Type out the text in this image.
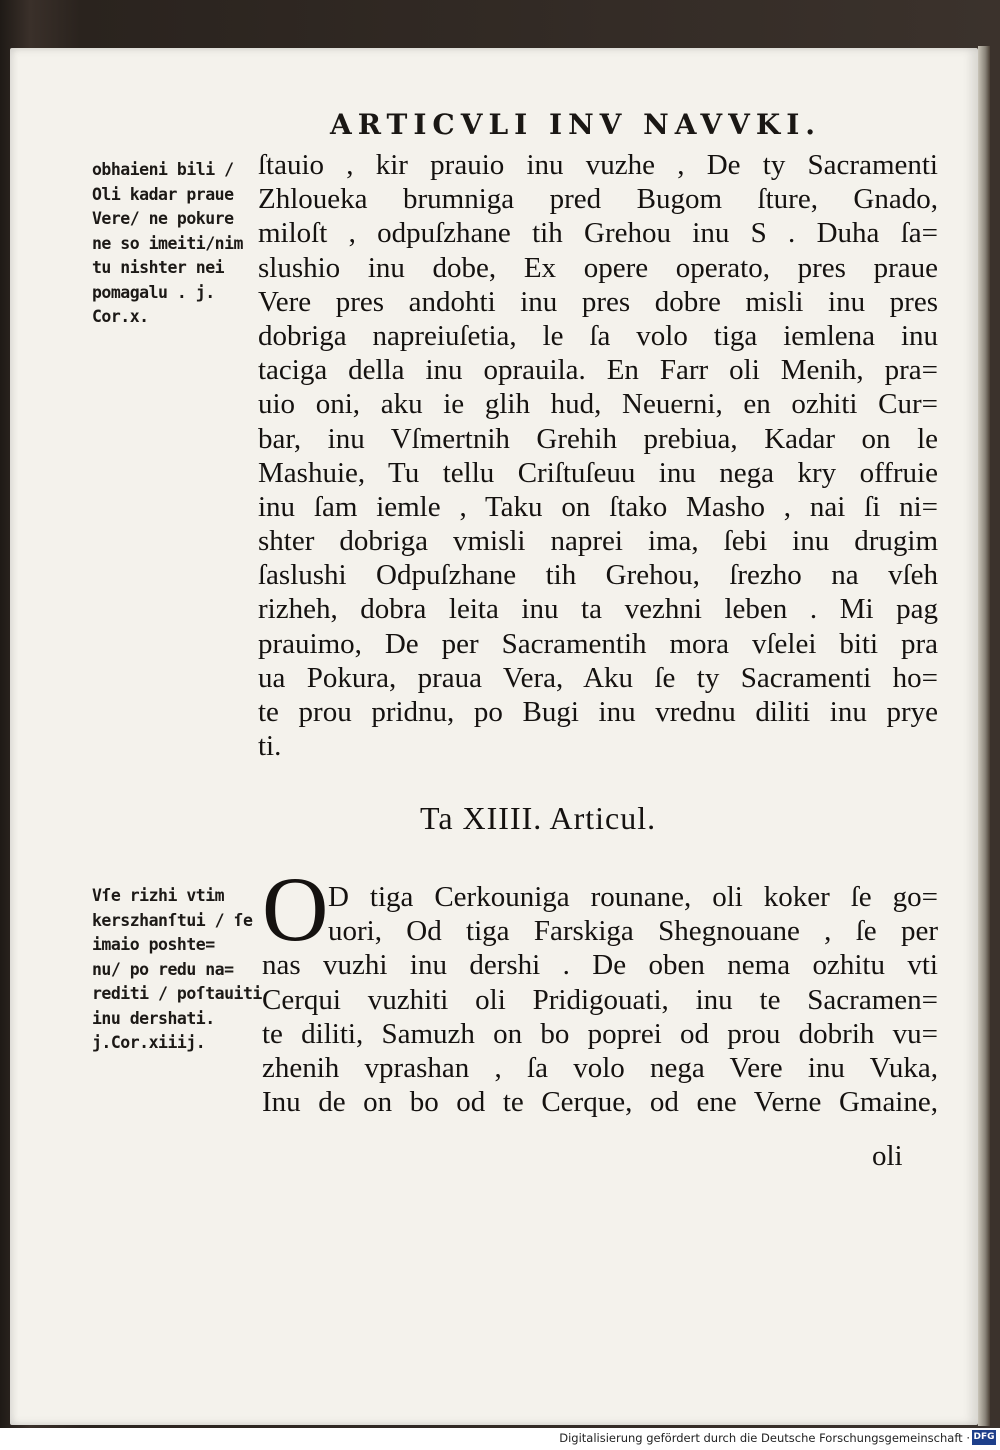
ARTICVLI INV NAVVKI.
obhaieni bili /
Oli kadar praue
Vere/ ne pokure
ne so imeiti/nim
tu nishter nei
pomagalu . j.
Cor.x.
ſtauio , kir prauio inu vuzhe , De ty Sacramenti
Zhloueka brumniga pred Bugom ſture, Gnado,
miloſt , odpuſzhane tih Grehou inu S . Duha ſa=
slushio inu dobe, Ex opere operato, pres praue
Vere pres andohti inu pres dobre misli inu pres
dobriga napreiuſetia, le ſa volo tiga iemlena inu
taciga della inu oprauila. En Farr oli Menih, pra=
uio oni, aku ie glih hud, Neuerni, en ozhiti Cur=
bar, inu Vſmertnih Grehih prebiua, Kadar on le
Mashuie, Tu tellu Criſtuſeuu inu nega kry offruie
inu ſam iemle , Taku on ſtako Masho , nai ſi ni=
shter dobriga vmisli naprei ima, ſebi inu drugim
ſaslushi Odpuſzhane tih Grehou, ſrezho na vſeh
rizheh, dobra leita inu ta vezhni leben . Mi pag
prauimo, De per Sacramentih mora vſelei biti pra
ua Pokura, praua Vera, Aku ſe ty Sacramenti ho=
te prou pridnu, po Bugi inu vrednu diliti inu prye
ti.
Ta XIIII. Articul.
Vſe rizhi vtim
kerszhanſtui / ſe
imaio poshte=
nu/ po redu na=
rediti / poſtauiti
inu dershati.
j.Cor.xiiij.
O D tiga Cerkouniga rounane, oli koker ſe go=
uori, Od tiga Farskiga Shegnouane , ſe per
nas vuzhi inu dershi . De oben nema ozhitu vti
Cerqui vuzhiti oli Pridigouati, inu te Sacramen=
te diliti, Samuzh on bo poprei od prou dobrih vu=
zhenih vprashan , ſa volo nega Vere inu Vuka,
Inu de on bo od te Cerque, od ene Verne Gmaine,
oli
Digitalisierung gefördert durch die Deutsche Forschungsgemeinschaft · DFG
